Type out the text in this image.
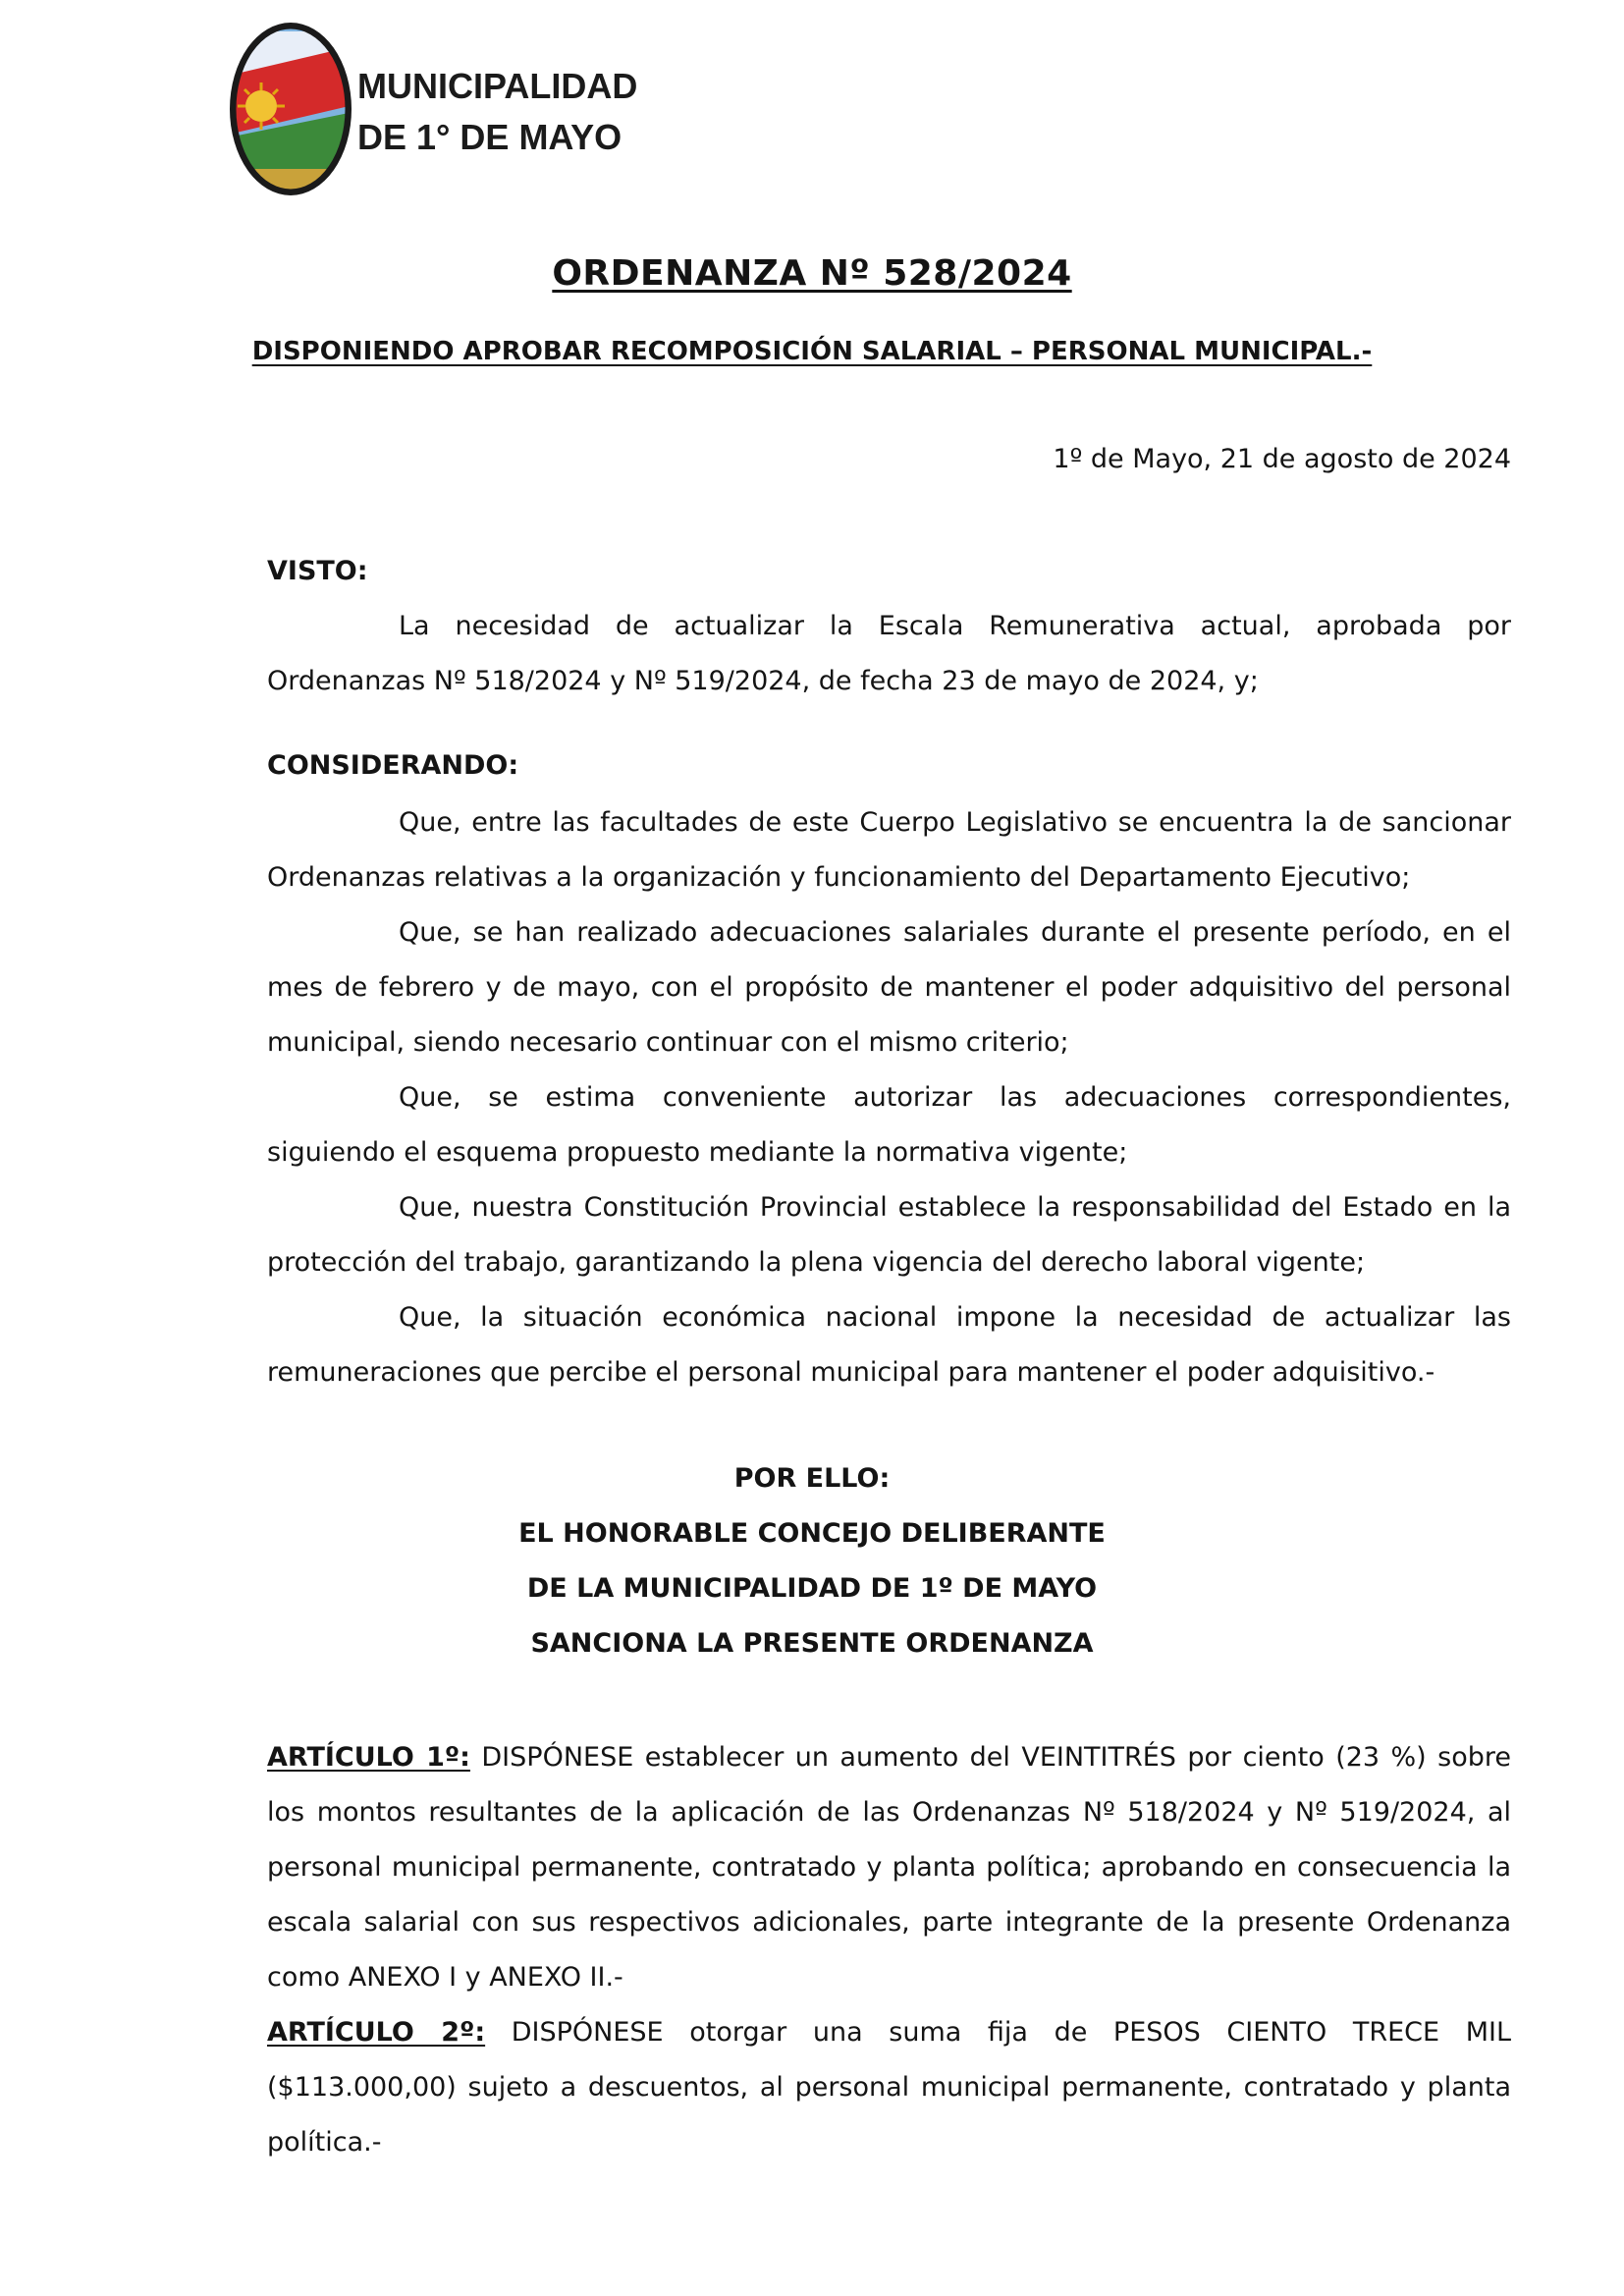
MUNICIPALIDAD
DE 1° DE MAYO
ORDENANZA Nº 528/2024
DISPONIENDO APROBAR RECOMPOSICIÓN SALARIAL – PERSONAL MUNICIPAL.-
1º de Mayo, 21 de agosto de 2024
VISTO:

La necesidad de actualizar la Escala Remunerativa actual, aprobada por Ordenanzas Nº 518/2024 y Nº 519/2024, de fecha 23 de mayo de 2024, y;

CONSIDERANDO:

Que, entre las facultades de este Cuerpo Legislativo se encuentra la de sancionar Ordenanzas relativas a la organización y funcionamiento del Departamento Ejecutivo;

Que, se han realizado adecuaciones salariales durante el presente período, en el mes de febrero y de mayo, con el propósito de mantener el poder adquisitivo del personal municipal, siendo necesario continuar con el mismo criterio;

Que, se estima conveniente autorizar las adecuaciones correspondientes, siguiendo el esquema propuesto mediante la normativa vigente;

Que, nuestra Constitución Provincial establece la responsabilidad del Estado en la protección del trabajo, garantizando la plena vigencia del derecho laboral vigente;

Que, la situación económica nacional impone la necesidad de actualizar las remuneraciones que percibe el personal municipal para mantener el poder adquisitivo.-

POR ELLO:
EL HONORABLE CONCEJO DELIBERANTE
DE LA MUNICIPALIDAD DE 1º DE MAYO
SANCIONA LA PRESENTE ORDENANZA

ARTÍCULO 1º: DISPÓNESE establecer un aumento del VEINTITRÉS por ciento (23 %) sobre los montos resultantes de la aplicación de las Ordenanzas Nº 518/2024 y Nº 519/2024, al personal municipal permanente, contratado y planta política; aprobando en consecuencia la escala salarial con sus respectivos adicionales, parte integrante de la presente Ordenanza como ANEXO I y ANEXO II.-

ARTÍCULO 2º: DISPÓNESE otorgar una suma fija de PESOS CIENTO TRECE MIL ($113.000,00) sujeto a descuentos, al personal municipal permanente, contratado y planta política.-
